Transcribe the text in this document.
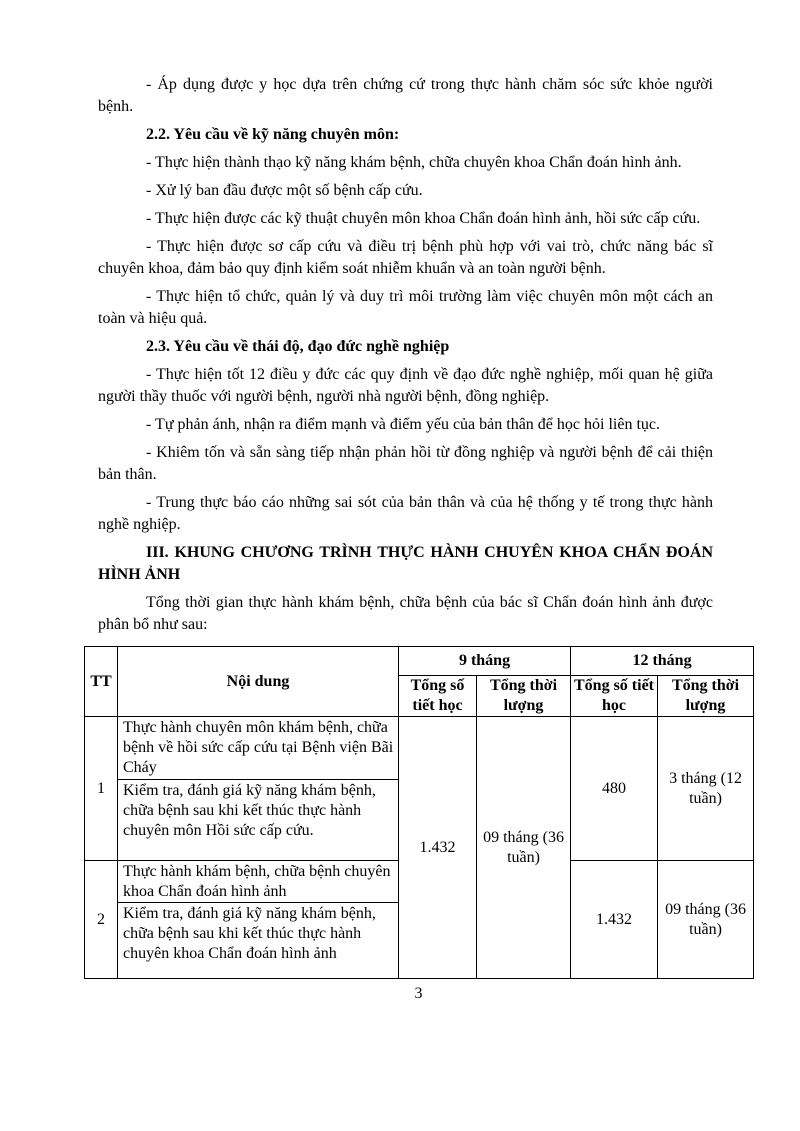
- Áp dụng được y học dựa trên chứng cứ trong thực hành chăm sóc sức khỏe người bệnh.

2.2. Yêu cầu về kỹ năng chuyên môn:

- Thực hiện thành thạo kỹ năng khám bệnh, chữa chuyên khoa Chẩn đoán hình ảnh.

- Xử lý ban đầu được một số bệnh cấp cứu.

- Thực hiện được các kỹ thuật chuyên môn khoa Chẩn đoán hình ảnh, hồi sức cấp cứu.

- Thực hiện được sơ cấp cứu và điều trị bệnh phù hợp với vai trò, chức năng bác sĩ chuyên khoa, đảm bảo quy định kiểm soát nhiễm khuẩn và an toàn người bệnh.

- Thực hiện tổ chức, quản lý và duy trì môi trường làm việc chuyên môn một cách an toàn và hiệu quả.

2.3. Yêu cầu về thái độ, đạo đức nghề nghiệp

- Thực hiện tốt 12 điều y đức các quy định về đạo đức nghề nghiệp, mối quan hệ giữa người thầy thuốc với người bệnh, người nhà người bệnh, đồng nghiệp.

- Tự phản ánh, nhận ra điểm mạnh và điểm yếu của bản thân để học hỏi liên tục.

- Khiêm tốn và sẵn sàng tiếp nhận phản hồi từ đồng nghiệp và người bệnh để cải thiện bản thân.

- Trung thực báo cáo những sai sót của bản thân và của hệ thống y tế trong thực hành nghề nghiệp.

III. KHUNG CHƯƠNG TRÌNH THỰC HÀNH CHUYÊN KHOA CHẨN ĐOÁN HÌNH ẢNH

Tổng thời gian thực hành khám bệnh, chữa bệnh của bác sĩ Chẩn đoán hình ảnh được phân bổ như sau:

TT	Nội dung	9 tháng		12 tháng	
		Tổng số tiết học	Tổng thời lượng	Tổng số tiết học	Tổng thời lượng
1	Thực hành chuyên môn khám bệnh, chữa bệnh về hồi sức cấp cứu tại Bệnh viện Bãi Cháy	1.432	09 tháng (36 tuần)	480	3 tháng (12 tuần)
	Kiểm tra, đánh giá kỹ năng khám bệnh, chữa bệnh sau khi kết thúc thực hành chuyên môn Hồi sức cấp cứu.				
2	Thực hành khám bệnh, chữa bệnh chuyên khoa Chẩn đoán hình ảnh			1.432	09 tháng (36 tuần)
	Kiểm tra, đánh giá kỹ năng khám bệnh, chữa bệnh sau khi kết thúc thực hành chuyên khoa Chẩn đoán hình ảnh				
3
